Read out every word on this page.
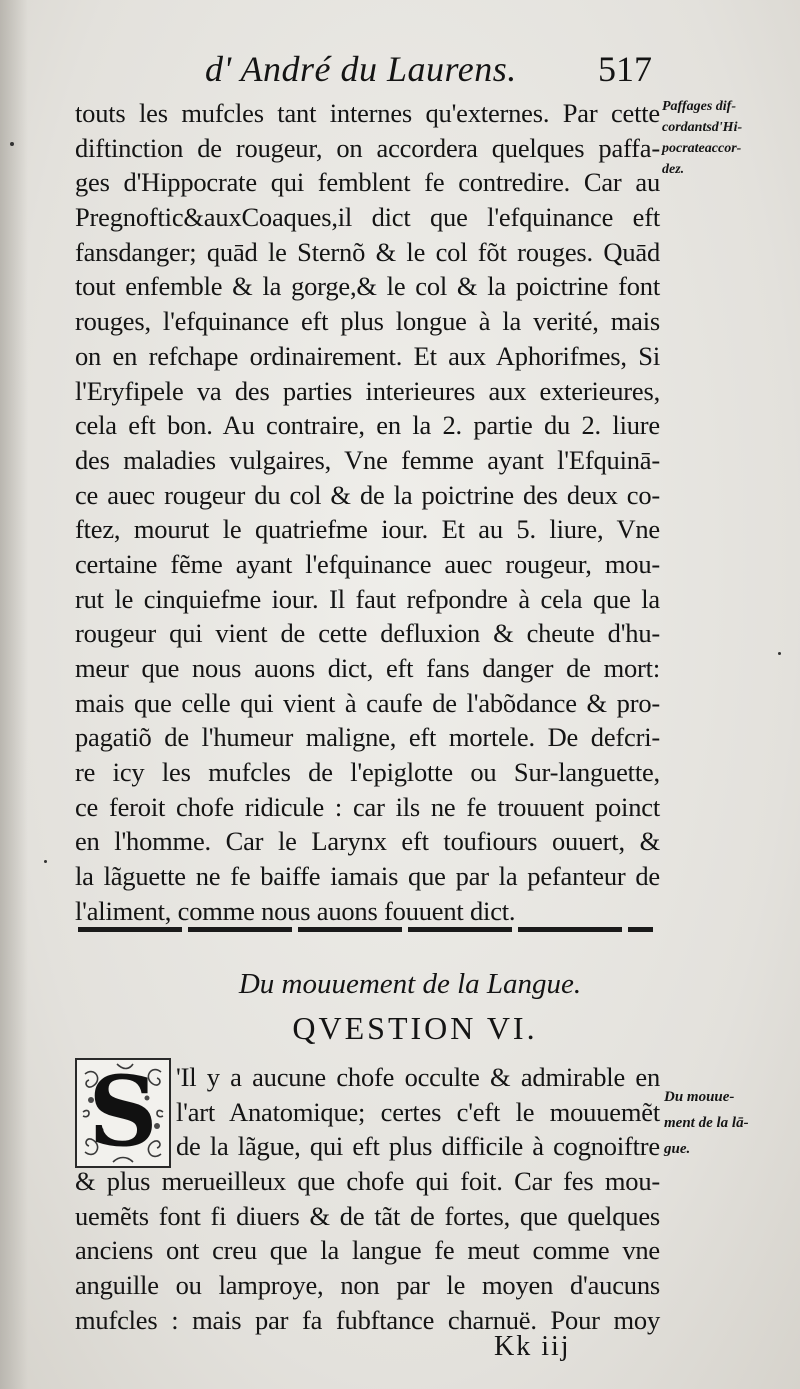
d' André du Laurens. 517
touts les mufcles tant internes qu'externes. Par cette
diftinction de rougeur, on accordera quelques paffa-
ges d'Hippocrate qui femblent fe contredire. Car au
Pregnoftic&auxCoaques,il dict que l'efquinance eft
fansdanger; quād le Sternõ & le col fõt rouges. Quād
tout enfemble & la gorge,& le col & la poictrine font
rouges, l'efquinance eft plus longue à la verité, mais
on en refchape ordinairement. Et aux Aphorifmes, Si
l'Eryfipele va des parties interieures aux exterieures,
cela eft bon. Au contraire, en la 2. partie du 2. liure
des maladies vulgaires, Vne femme ayant l'Efquinā-
ce auec rougeur du col & de la poictrine des deux co-
ftez, mourut le quatriefme iour. Et au 5. liure, Vne
certaine fẽme ayant l'efquinance auec rougeur, mou-
rut le cinquiefme iour. Il faut refpondre à cela que la
rougeur qui vient de cette defluxion & cheute d'hu-
meur que nous auons dict, eft fans danger de mort:
mais que celle qui vient à caufe de l'abõdance & pro-
pagatiõ de l'humeur maligne, eft mortele. De defcri-
re icy les mufcles de l'epiglotte ou Sur-languette,
ce feroit chofe ridicule : car ils ne fe trouuent poinct
en l'homme. Car le Larynx eft toufiours ouuert, &
la lãguette ne fe baiffe iamais que par la pefanteur de
l'aliment, comme nous auons fouuent dict.
Paffages dif-
cordantsd'Hi-
pocrateaccor-
dez.
Du mouuement de la Langue.
QVESTION VI.
S 'Il y a aucune chofe occulte & admirable en
l'art Anatomique; certes c'eft le mouuemẽt
de la lãgue, qui eft plus difficile à cognoiftre
& plus merueilleux que chofe qui foit. Car fes mou-
uemẽts font fi diuers & de tãt de fortes, que quelques
anciens ont creu que la langue fe meut comme vne
anguille ou lamproye, non par le moyen d'aucuns
mufcles : mais par fa fubftance charnuë. Pour moy
Du mouue-
ment de la lā-
gue.
Kk iij
